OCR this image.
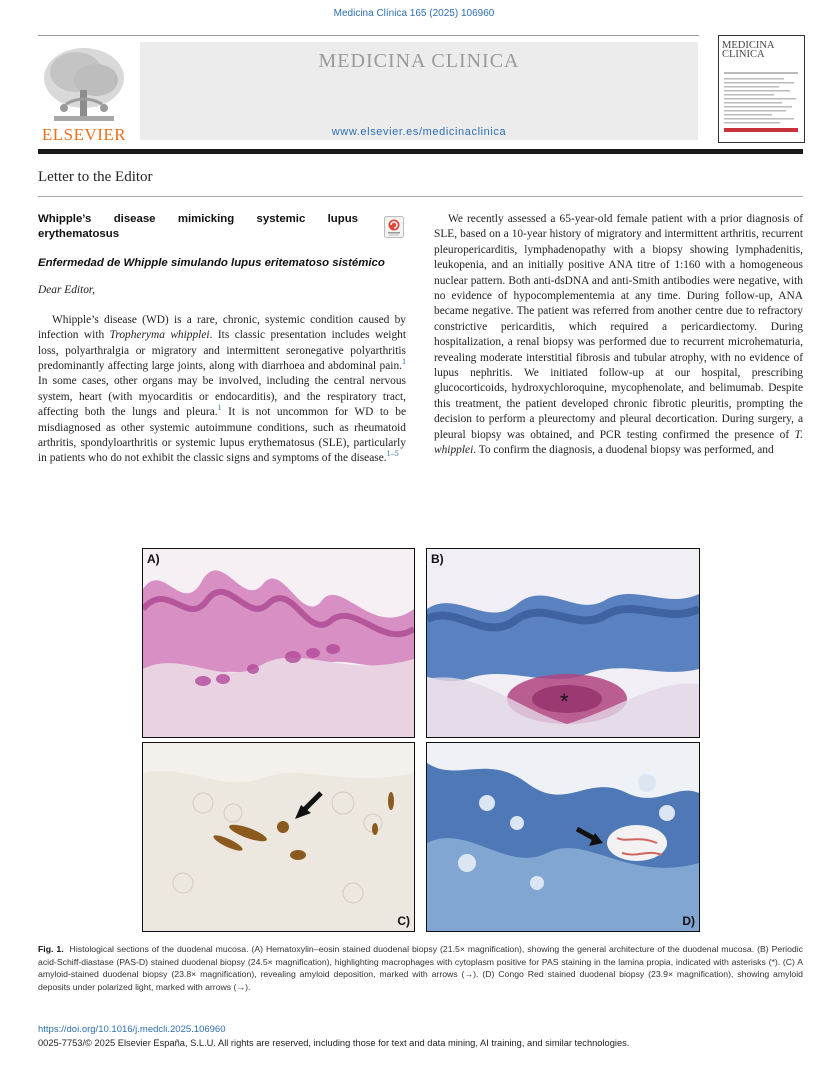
Medicina Clínica 165 (2025) 106960
ELSEVIER
MEDICINA CLINICA
www.elsevier.es/medicinaclinica
MEDICINA CLINICA
Letter to the Editor

Whipple’s disease mimicking systemic lupus erythematosus

Enfermedad de Whipple simulando lupus eritematoso sistémico

Dear Editor,

Whipple’s disease (WD) is a rare, chronic, systemic condition caused by infection with Tropheryma whipplei. Its classic presentation includes weight loss, polyarthralgia or migratory and intermittent seronegative polyarthritis predominantly affecting large joints, along with diarrhoea and abdominal pain.$^1$ In some cases, other organs may be involved, including the central nervous system, heart (with myocarditis or endocarditis), and the respiratory tract, affecting both the lungs and pleura.$^1$ It is not uncommon for WD to be misdiagnosed as other systemic autoimmune conditions, such as rheumatoid arthritis, spondyloarthritis or systemic lupus erythematosus (SLE), particularly in patients who do not exhibit the classic signs and symptoms of the disease.$^{1-5}$

We recently assessed a 65-year-old female patient with a prior diagnosis of SLE, based on a 10-year history of migratory and intermittent arthritis, recurrent pleuropericarditis, lymphadenopathy with a biopsy showing lymphadenitis, leukopenia, and an initially positive ANA titre of 1:160 with a homogeneous nuclear pattern. Both anti-dsDNA and anti-Smith antibodies were negative, with no evidence of hypocomplementemia at any time. During follow-up, ANA became negative. The patient was referred from another centre due to refractory constrictive pericarditis, which required a pericardiectomy. During hospitalization, a renal biopsy was performed due to recurrent microhematuria, revealing moderate interstitial fibrosis and tubular atrophy, with no evidence of lupus nephritis. We initiated follow-up at our hospital, prescribing glucocorticoids, hydroxychloroquine, mycophenolate, and belimumab. Despite this treatment, the patient developed chronic fibrotic pleuritis, prompting the decision to perform a pleurectomy and pleural decortication. During surgery, a pleural biopsy was obtained, and PCR testing confirmed the presence of T. whipplei. To confirm the diagnosis, a duodenal biopsy was performed, and

A)
*
B)
C)	D)
Fig. 1. Histological sections of the duodenal mucosa. (A) Hematoxylin–eosin stained duodenal biopsy (21.5× magnification), showing the general architecture of the duodenal mucosa. (B) Periodic acid-Schiff-diastase (PAS-D) stained duodenal biopsy (24.5× magnification), highlighting macrophages with cytoplasm positive for PAS staining in the lamina propia, indicated with asterisks (*). (C) A amyloid-stained duodenal biopsy (23.8× magnification), revealing amyloid deposition, marked with arrows (→). (D) Congo Red stained duodenal biopsy (23.9× magnification), showing amyloid deposits under polarized light, marked with arrows (→).
https://doi.org/10.1016/j.medcli.2025.106960
0025-7753/© 2025 Elsevier España, S.L.U. All rights are reserved, including those for text and data mining, AI training, and similar technologies.
